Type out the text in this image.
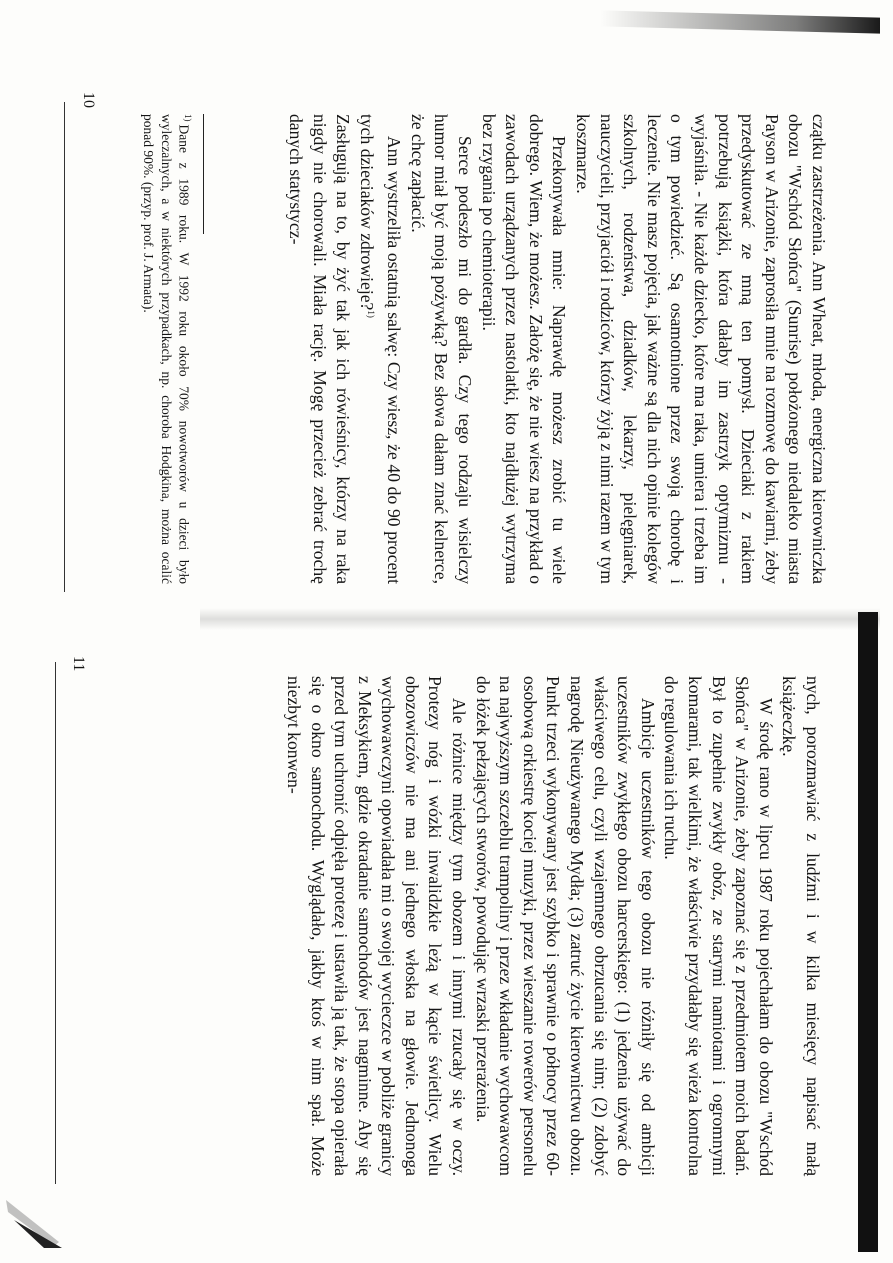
czątku zastrzeżenia. Ann Wheat, młoda, energiczna kierowniczka obozu "Wschód Słońca" (Sunrise) położonego niedaleko miasta Payson w Arizonie, zaprosiła mnie na rozmowę do kawiarni, żeby przedyskutować ze mną ten pomysł. Dzieciaki z rakiem potrzebują książki, która dałaby im zastrzyk optymizmu - wyjaśniła. - Nie każde dziecko, które ma raka, umiera i trzeba im o tym powiedzieć. Są osamotnione przez swoją chorobę i leczenie. Nie masz pojęcia, jak ważne są dla nich opinie kolegów szkolnych, rodzeństwa, dziadków, lekarzy, pielęgniarek, nauczycieli, przyjaciół i rodziców, którzy żyją z nimi razem w tym koszmarze.

Przekonywała mnie: Naprawdę możesz zrobić tu wiele dobrego. Wiem, że możesz. Założę się, że nie wiesz na przykład o zawodach urządzanych przez nastolatki, kto najdłużej wytrzyma bez rzygania po chemioterapii.

Serce podeszło mi do gardła. Czy tego rodzaju wisielczy humor miał być moją pożywką? Bez słowa dałam znać kelnerce, że chcę zapłacić.

Ann wystrzeliła ostatnią salwę: Czy wiesz, że 40 do 90 procent tych dzieciaków zdrowieje?$^{1)}$

Zasługują na to, by żyć tak jak ich rówieśnicy, którzy na raka nigdy nie chorowali. Miała rację. Mogę przecież zebrać trochę danych statystycz-

$^{1)}$Dane z 1989 roku. W 1992 roku około 70% nowotworów u dzieci było wyleczalnych, a w niektórych przypadkach, np. choroba Hodgkina, można ocalić ponad 90%. (przyp. prof. J. Armata).
10

nych, porozmawiać z ludźmi i w kilka miesięcy napisać małą książeczkę.

W środę rano w lipcu 1987 roku pojechałam do obozu "Wschód Słońca" w Arizonie, żeby zapoznać się z przedmiotem moich badań. Był to zupełnie zwykły obóz, ze starymi namiotami i ogromnymi komarami, tak wielkimi, że właściwie przydałaby się wieża kontrolna do regulowania ich ruchu.

Ambicje uczestników tego obozu nie różniły się od ambicji uczestników zwykłego obozu harcerskiego: (1) jedzenia używać do właściwego celu, czyli wzajemnego obrzucania się nim; (2) zdobyć nagrodę Nieużywanego Mydła; (3) zatruć życie kierownictwu obozu. Punkt trzeci wykonywany jest szybko i sprawnie o północy przez 60-osobową orkiestrę kociej muzyki, przez wieszanie rowerów personelu na najwyższym szczeblu trampoliny i przez wkładanie wychowawcom do łóżek pełzających stworów, powodując wrzaski przerażenia.

Ale różnice między tym obozem i innymi rzucały się w oczy. Protezy nóg i wózki inwalidzkie leżą w kącie świetlicy. Wielu obozowiczów nie ma ani jednego włoska na głowie. Jednonoga wychowawczyni opowiadała mi o swojej wycieczce w pobliże granicy z Meksykiem, gdzie okradanie samochodów jest nagminne. Aby się przed tym uchronić odpięła protezę i ustawiła ją tak, że stopa opierała się o okno samochodu. Wyglądało, jakby ktoś w nim spał. Może niezbyt konwen-

11
